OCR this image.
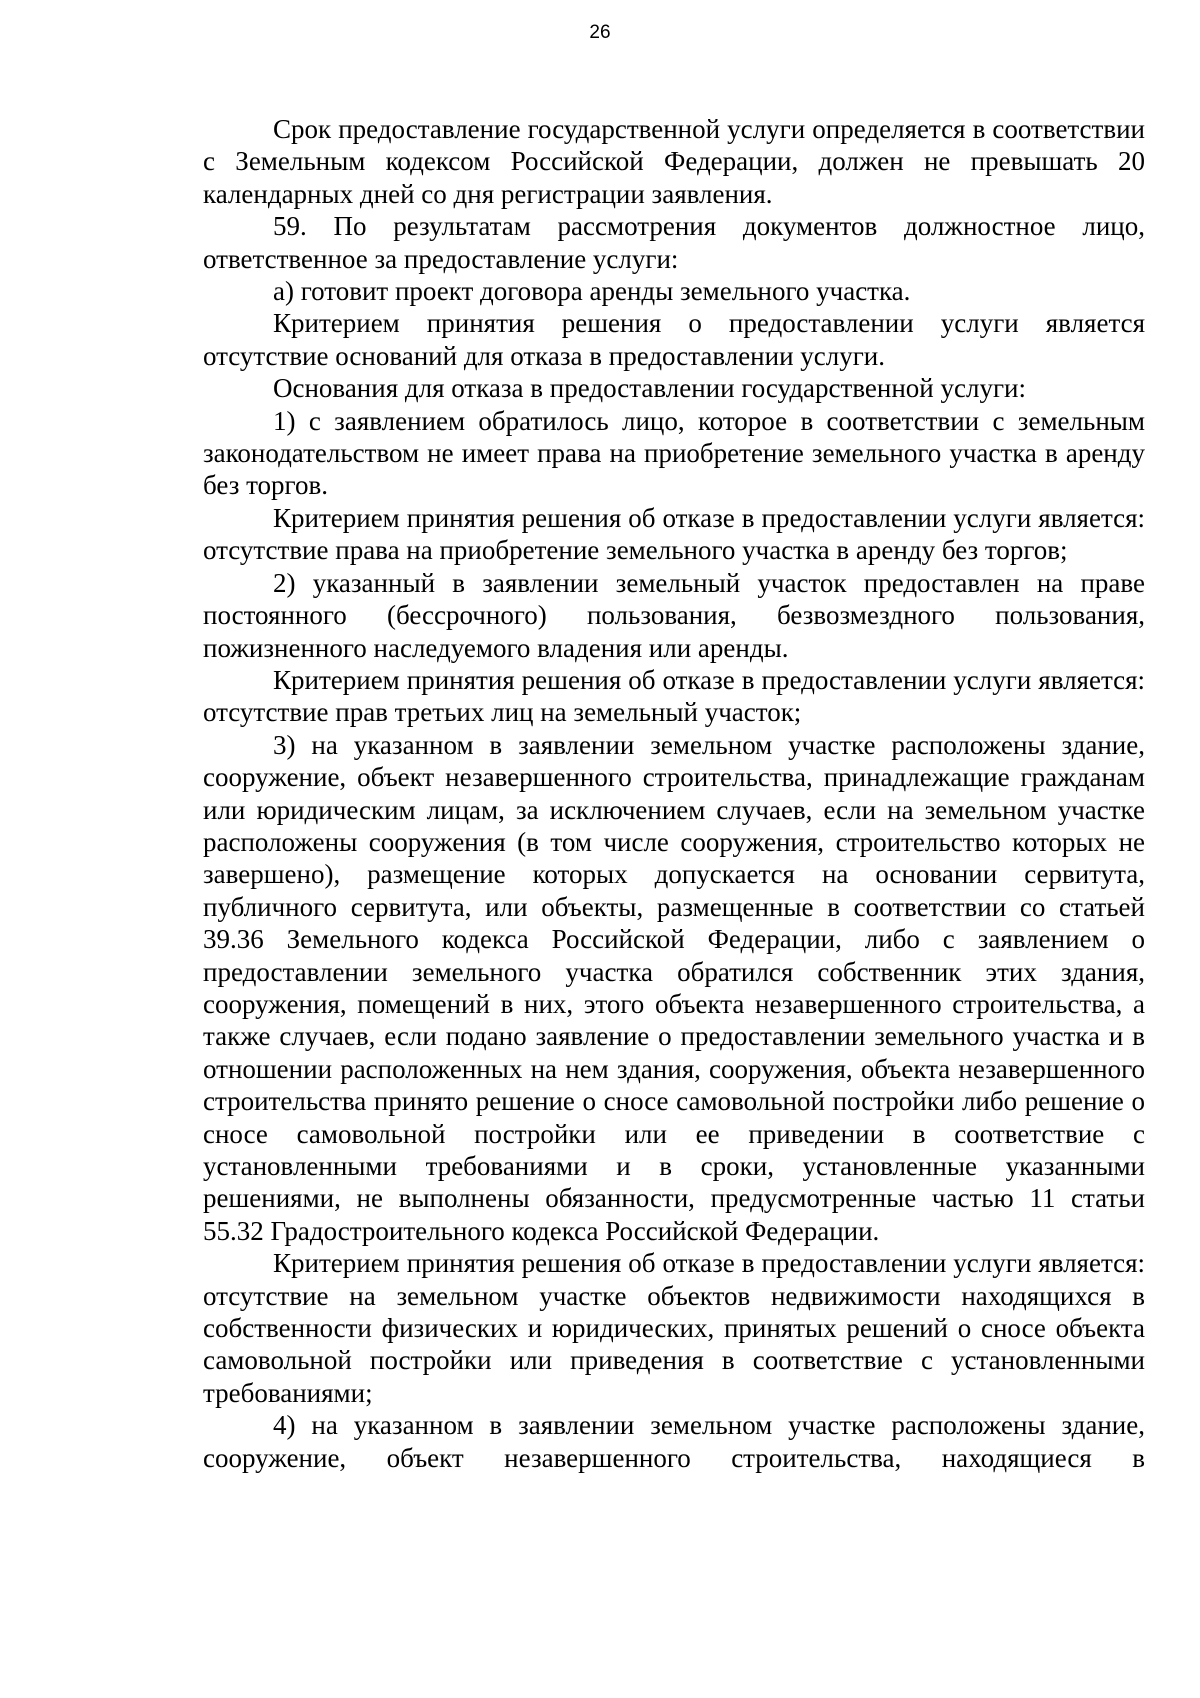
26

Срок предоставление государственной услуги определяется в соответствии с Земельным кодексом Российской Федерации, должен не превышать 20 календарных дней со дня регистрации заявления.

59. По результатам рассмотрения документов должностное лицо, ответственное за предоставление услуги:

а) готовит проект договора аренды земельного участка.

Критерием принятия решения о предоставлении услуги является отсутствие оснований для отказа в предоставлении услуги.

Основания для отказа в предоставлении государственной услуги:

1) с заявлением обратилось лицо, которое в соответствии с земельным законодательством не имеет права на приобретение земельного участка в аренду без торгов.

Критерием принятия решения об отказе в предоставлении услуги является: отсутствие права на приобретение земельного участка в аренду без торгов;

2) указанный в заявлении земельный участок предоставлен на праве постоянного (бессрочного) пользования, безвозмездного пользования, пожизненного наследуемого владения или аренды.

Критерием принятия решения об отказе в предоставлении услуги является: отсутствие прав третьих лиц на земельный участок;

3) на указанном в заявлении земельном участке расположены здание, сооружение, объект незавершенного строительства, принадлежащие гражданам или юридическим лицам, за исключением случаев, если на земельном участке расположены сооружения (в том числе сооружения, строительство которых не завершено), размещение которых допускается на основании сервитута, публичного сервитута, или объекты, размещенные в соответствии со статьей 39.36 Земельного кодекса Российской Федерации, либо с заявлением о предоставлении земельного участка обратился собственник этих здания, сооружения, помещений в них, этого объекта незавершенного строительства, а также случаев, если подано заявление о предоставлении земельного участка и в отношении расположенных на нем здания, сооружения, объекта незавершенного строительства принято решение о сносе самовольной постройки либо решение о сносе самовольной постройки или ее приведении в соответствие с установленными требованиями и в сроки, установленные указанными решениями, не выполнены обязанности, предусмотренные частью 11 статьи 55.32 Градостроительного кодекса Российской Федерации.

Критерием принятия решения об отказе в предоставлении услуги является: отсутствие на земельном участке объектов недвижимости находящихся в собственности физических и юридических, принятых решений о сносе объекта самовольной постройки или приведения в соответствие с установленными требованиями;

4) на указанном в заявлении земельном участке расположены здание, сооружение, объект незавершенного строительства, находящиеся в
